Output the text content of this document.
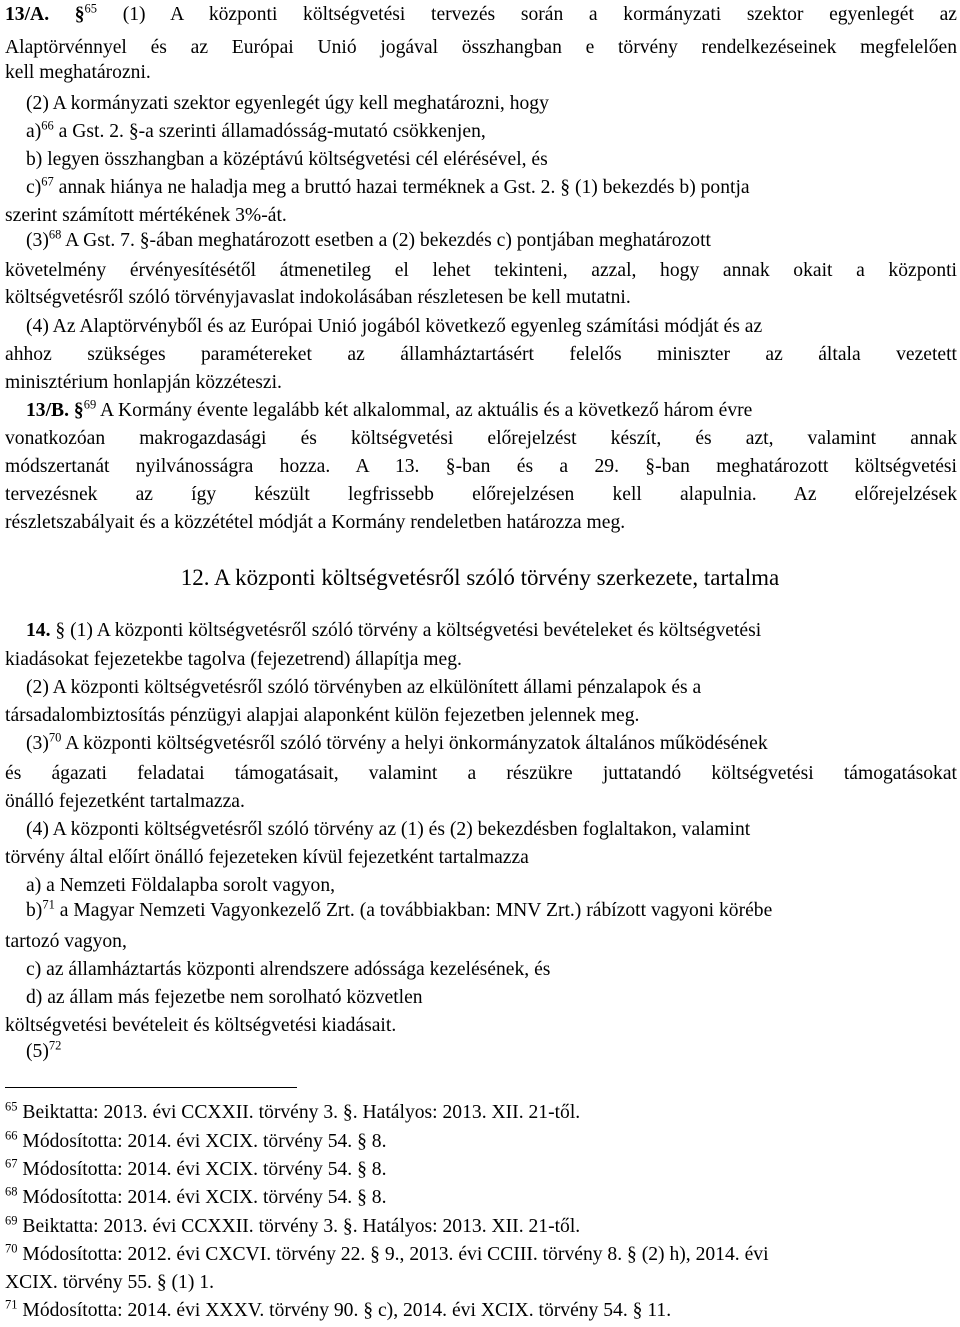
13/A. §$^{65}$ (1) A központi költségvetési tervezés során a kormányzati szektor egyenlegét az

Alaptörvénnyel és az Európai Unió jogával összhangban e törvény rendelkezéseinek megfelelően

kell meghatározni.

(2) A kormányzati szektor egyenlegét úgy kell meghatározni, hogy

a)$^{66}$ a Gst. 2. §-a szerinti államadósság-mutató csökkenjen,

b) legyen összhangban a középtávú költségvetési cél elérésével, és

c)$^{67}$ annak hiánya ne haladja meg a bruttó hazai terméknek a Gst. 2. § (1) bekezdés b) pontja

szerint számított mértékének 3%-át.

$(3)^{68}$ A Gst. 7. §-ában meghatározott esetben a (2) bekezdés c) pontjában meghatározott

követelmény érvényesítésétől átmenetileg el lehet tekinteni, azzal, hogy annak okait a központi

költségvetésről szóló törvényjavaslat indokolásában részletesen be kell mutatni.

(4) Az Alaptörvényből és az Európai Unió jogából következő egyenleg számítási módját és az

ahhoz szükséges paramétereket az államháztartásért felelős miniszter az általa vezetett

minisztérium honlapján közzéteszi.

13/B. §$^{69}$ A Kormány évente legalább két alkalommal, az aktuális és a következő három évre

vonatkozóan makrogazdasági és költségvetési előrejelzést készít, és azt, valamint annak

módszertanát nyilvánosságra hozza. A 13. §-ban és a 29. §-ban meghatározott költségvetési

tervezésnek az így készült legfrissebb előrejelzésen kell alapulnia. Az előrejelzések

részletszabályait és a közzététel módját a Kormány rendeletben határozza meg.

12. A központi költségvetésről szóló törvény szerkezete, tartalma

14. § (1) A központi költségvetésről szóló törvény a költségvetési bevételeket és költségvetési

kiadásokat fejezetekbe tagolva (fejezetrend) állapítja meg.

(2) A központi költségvetésről szóló törvényben az elkülönített állami pénzalapok és a

társadalombiztosítás pénzügyi alapjai alaponként külön fejezetben jelennek meg.

$(3)^{70}$ A központi költségvetésről szóló törvény a helyi önkormányzatok általános működésének

és ágazati feladatai támogatásait, valamint a részükre juttatandó költségvetési támogatásokat

önálló fejezetként tartalmazza.

(4) A központi költségvetésről szóló törvény az (1) és (2) bekezdésben foglaltakon, valamint

törvény által előírt önálló fejezeteken kívül fejezetként tartalmazza

a) a Nemzeti Földalapba sorolt vagyon,

b)$^{71}$ a Magyar Nemzeti Vagyonkezelő Zrt. (a továbbiakban: MNV Zrt.) rábízott vagyoni körébe

tartozó vagyon,

c) az államháztartás központi alrendszere adóssága kezelésének, és

d) az állam más fejezetbe nem sorolható közvetlen

költségvetési bevételeit és költségvetési kiadásait.

$(5)^{72}$

$^{65}$ Beiktatta: 2013. évi CCXXII. törvény 3. §. Hatályos: 2013. XII. 21-től.

$^{66}$ Módosította: 2014. évi XCIX. törvény 54. § 8.

$^{67}$ Módosította: 2014. évi XCIX. törvény 54. § 8.

$^{68}$ Módosította: 2014. évi XCIX. törvény 54. § 8.

$^{69}$ Beiktatta: 2013. évi CCXXII. törvény 3. §. Hatályos: 2013. XII. 21-től.

$^{70}$ Módosította: 2012. évi CXCVI. törvény 22. § 9., 2013. évi CCIII. törvény 8. § (2) h), 2014. évi

XCIX. törvény 55. § (1) 1.

$^{71}$ Módosította: 2014. évi XXXV. törvény 90. § c), 2014. évi XCIX. törvény 54. § 11.
